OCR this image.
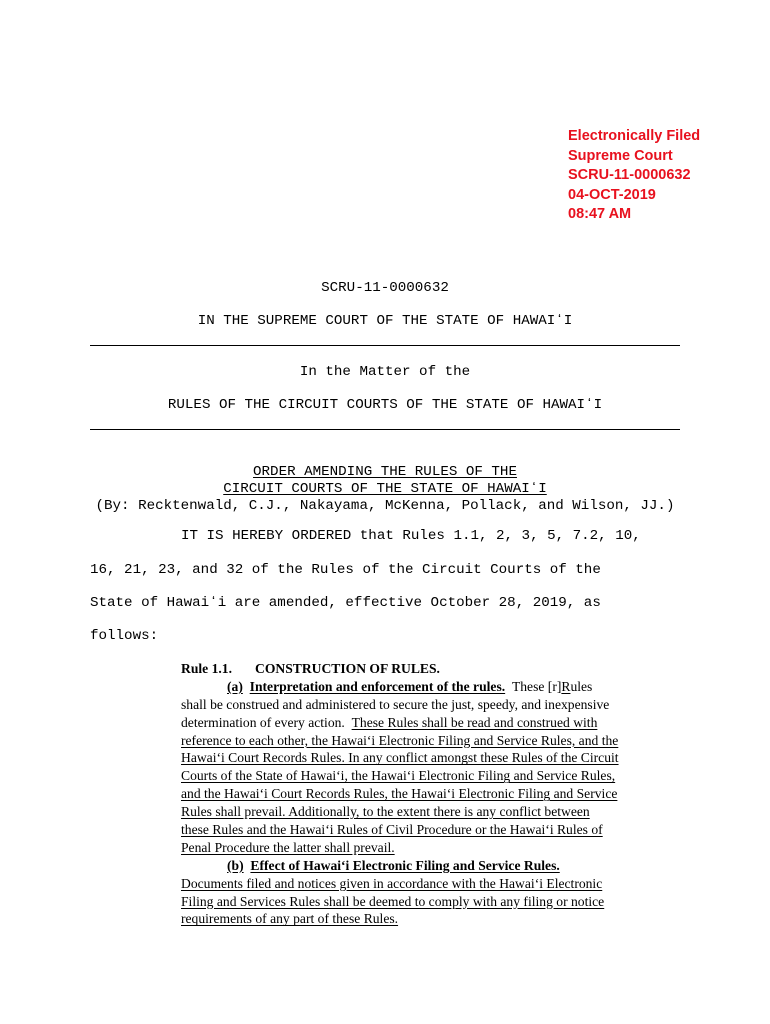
Electronically Filed
Supreme Court
SCRU-11-0000632
04-OCT-2019
08:47 AM
SCRU-11-0000632
IN THE SUPREME COURT OF THE STATE OF HAWAIʻI
In the Matter of the
RULES OF THE CIRCUIT COURTS OF THE STATE OF HAWAIʻI
ORDER AMENDING THE RULES OF THE
CIRCUIT COURTS OF THE STATE OF HAWAIʻI
(By: Recktenwald, C.J., Nakayama, McKenna, Pollack, and Wilson, JJ.)
IT IS HEREBY ORDERED that Rules 1.1, 2, 3, 5, 7.2, 10,
16, 21, 23, and 32 of the Rules of the Circuit Courts of the
State of Hawaiʻi are amended, effective October 28, 2019, as
follows:
Rule 1.1. CONSTRUCTION OF RULES.
(a) Interpretation and enforcement of the rules. These [r]Rules
shall be construed and administered to secure the just, speedy, and inexpensive
determination of every action. These Rules shall be read and construed with
reference to each other, the Hawaiʻi Electronic Filing and Service Rules, and the
Hawaiʻi Court Records Rules. In any conflict amongst these Rules of the Circuit
Courts of the State of Hawaiʻi, the Hawaiʻi Electronic Filing and Service Rules,
and the Hawaiʻi Court Records Rules, the Hawaiʻi Electronic Filing and Service
Rules shall prevail. Additionally, to the extent there is any conflict between
these Rules and the Hawaiʻi Rules of Civil Procedure or the Hawaiʻi Rules of
Penal Procedure the latter shall prevail.
(b) Effect of Hawaiʻi Electronic Filing and Service Rules.
Documents filed and notices given in accordance with the Hawaiʻi Electronic
Filing and Services Rules shall be deemed to comply with any filing or notice
requirements of any part of these Rules.
